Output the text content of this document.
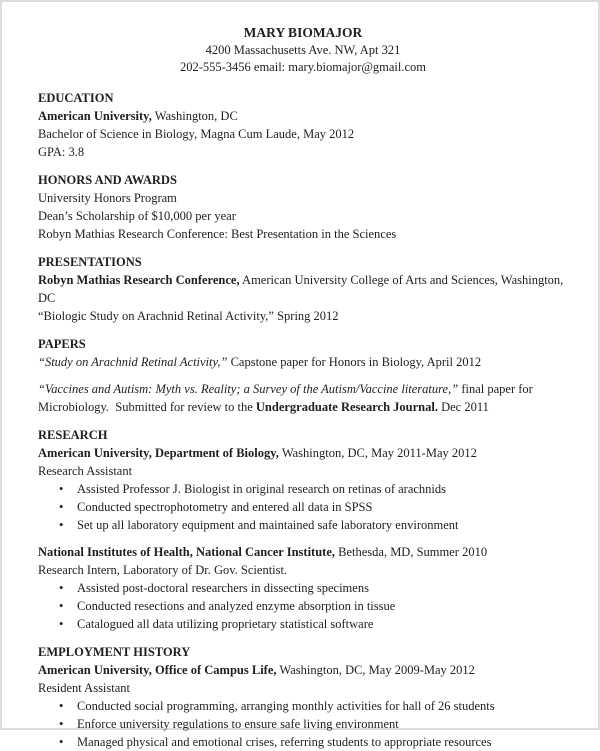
MARY BIOMAJOR
4200 Massachusetts Ave. NW, Apt 321
202-555-3456 email: mary.biomajor@gmail.com
EDUCATION

American University, Washington, DC

Bachelor of Science in Biology, Magna Cum Laude, May 2012

GPA: 3.8

HONORS AND AWARDS

University Honors Program

Dean’s Scholarship of $10,000 per year

Robyn Mathias Research Conference: Best Presentation in the Sciences

PRESENTATIONS

Robyn Mathias Research Conference, American University College of Arts and Sciences, Washington, DC

“Biologic Study on Arachnid Retinal Activity,” Spring 2012

PAPERS

“Study on Arachnid Retinal Activity,” Capstone paper for Honors in Biology, April 2012

“Vaccines and Autism: Myth vs. Reality; a Survey of the Autism/Vaccine literature,” final paper for Microbiology.  Submitted for review to the Undergraduate Research Journal. Dec 2011

RESEARCH

American University, Department of Biology, Washington, DC, May 2011-May 2012

Research Assistant

• Assisted Professor J. Biologist in original research on retinas of arachnids
• Conducted spectrophotometry and entered all data in SPSS
• Set up all laboratory equipment and maintained safe laboratory environment

National Institutes of Health, National Cancer Institute, Bethesda, MD, Summer 2010

Research Intern, Laboratory of Dr. Gov. Scientist.

• Assisted post-doctoral researchers in dissecting specimens
• Conducted resections and analyzed enzyme absorption in tissue
• Catalogued all data utilizing proprietary statistical software
EMPLOYMENT HISTORY

American University, Office of Campus Life, Washington, DC, May 2009-May 2012

Resident Assistant

• Conducted social programming, arranging monthly activities for hall of 26 students
• Enforce university regulations to ensure safe living environment
• Managed physical and emotional crises, referring students to appropriate resources
